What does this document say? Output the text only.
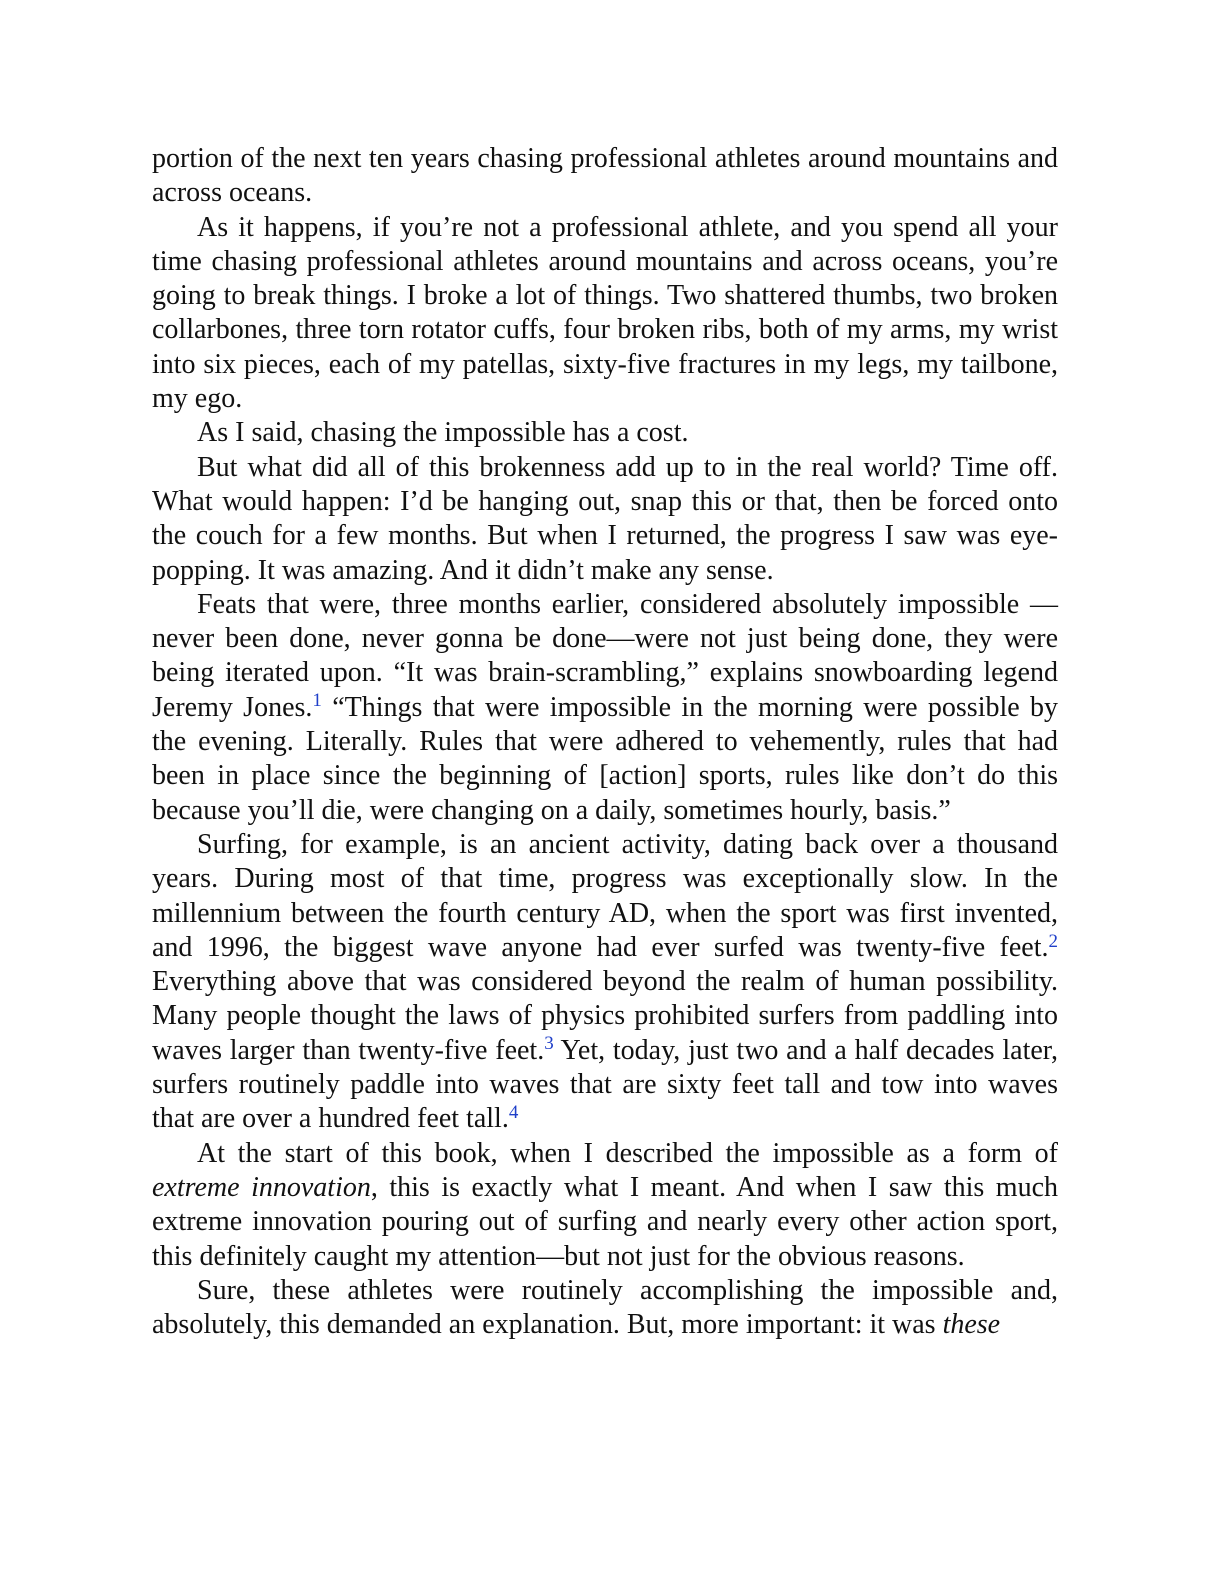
portion of the next ten years chasing professional athletes around mountains and across oceans.

As it happens, if you’re not a professional athlete, and you spend all your time chasing professional athletes around mountains and across oceans, you’re going to break things. I broke a lot of things. Two shattered thumbs, two broken collarbones, three torn rotator cuffs, four broken ribs, both of my arms, my wrist into six pieces, each of my patellas, sixty-five fractures in my legs, my tailbone, my ego.

As I said, chasing the impossible has a cost.

But what did all of this brokenness add up to in the real world? Time off. What would happen: I’d be hanging out, snap this or that, then be forced onto the couch for a few months. But when I returned, the progress I saw was eye-popping. It was amazing. And it didn’t make any sense.

Feats that were, three months earlier, considered absolutely impossible —never been done, never gonna be done—were not just being done, they were being iterated upon. “It was brain-scrambling,” explains snowboarding legend Jeremy Jones.$^1$ “Things that were impossible in the morning were possible by the evening. Literally. Rules that were adhered to vehemently, rules that had been in place since the beginning of [action] sports, rules like don’t do this because you’ll die, were changing on a daily, sometimes hourly, basis.”

Surfing, for example, is an ancient activity, dating back over a thousand years. During most of that time, progress was exceptionally slow. In the millennium between the fourth century AD, when the sport was first invented, and 1996, the biggest wave anyone had ever surfed was twenty-five feet.$^2$ Everything above that was considered beyond the realm of human possibility. Many people thought the laws of physics prohibited surfers from paddling into waves larger than twenty-five feet.$^3$ Yet, today, just two and a half decades later, surfers routinely paddle into waves that are sixty feet tall and tow into waves that are over a hundred feet tall.$^4$

At the start of this book, when I described the impossible as a form of extreme innovation, this is exactly what I meant. And when I saw this much extreme innovation pouring out of surfing and nearly every other action sport, this definitely caught my attention—but not just for the obvious reasons.

Sure, these athletes were routinely accomplishing the impossible and, absolutely, this demanded an explanation. But, more important: it was these
